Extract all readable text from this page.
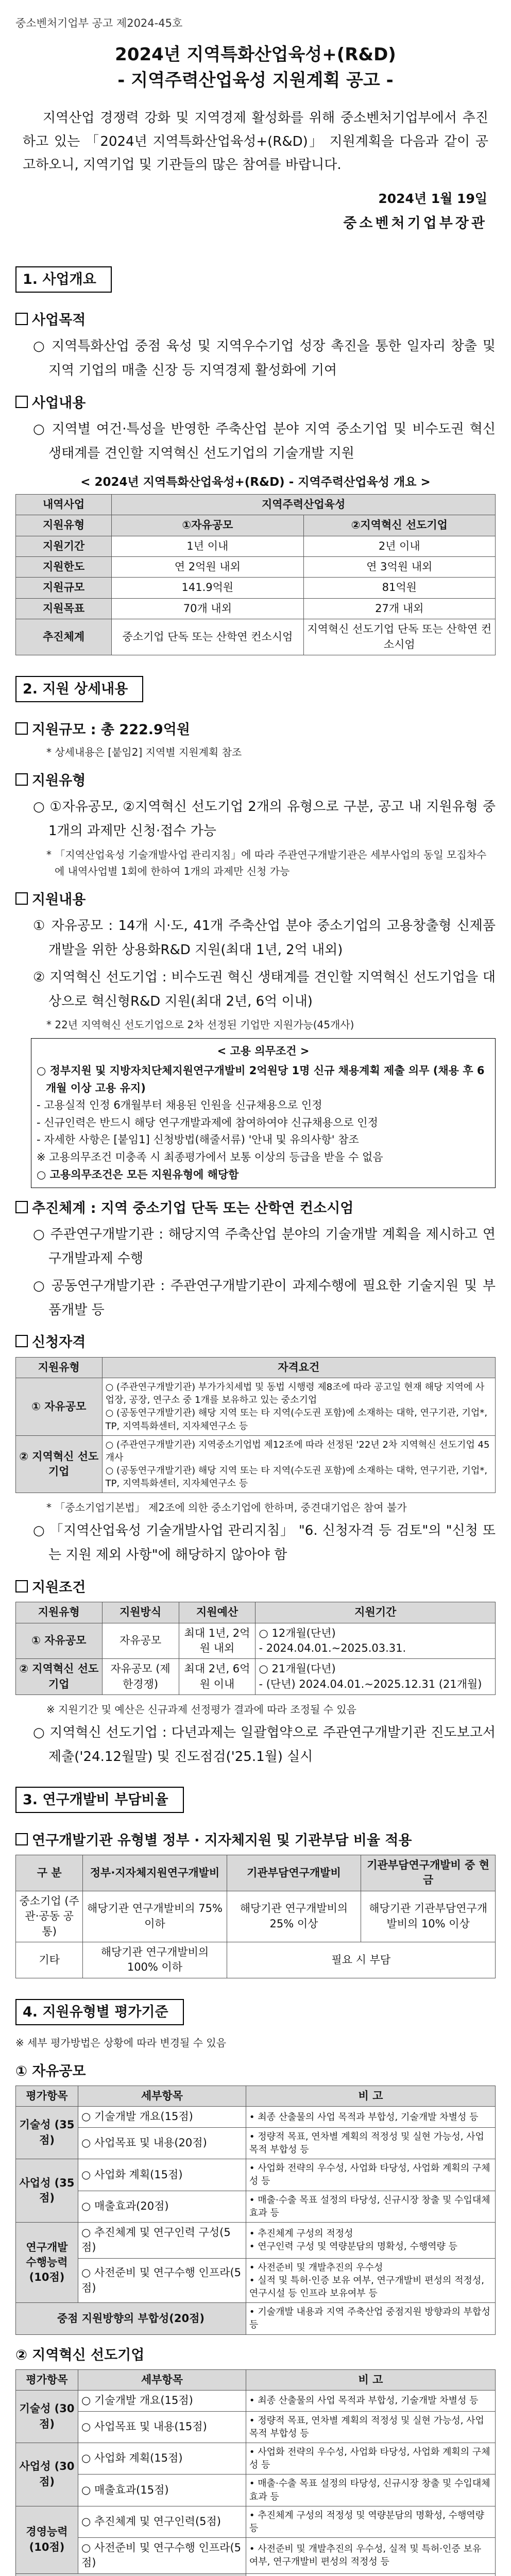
중소벤처기업부 공고 제2024-45호
2024년 지역특화산업육성+(R&D)
- 지역주력산업육성 지원계획 공고 -

지역산업 경쟁력 강화 및 지역경제 활성화를 위해 중소벤처기업부에서 추진하고 있는 「2024년 지역특화산업육성+(R&D)」 지원계획을 다음과 같이 공고하오니, 지역기업 및 기관들의 많은 참여를 바랍니다.

2024년 1월 19일
중소벤처기업부장관
1. 사업개요
사업목적
○ 지역특화산업 중점 육성 및 지역우수기업 성장 촉진을 통한 일자리 창출 및 지역 기업의 매출 신장 등 지역경제 활성화에 기여
사업내용
○ 지역별 여건·특성을 반영한 주축산업 분야 지역 중소기업 및 비수도권 혁신 생태계를 견인할 지역혁신 선도기업의 기술개발 지원
< 2024년 지역특화산업육성+(R&D) - 지역주력산업육성 개요 >
내역사업	지역주력산업육성	
지원유형	①자유공모	②지역혁신 선도기업
지원기간	1년 이내	2년 이내
지원한도	연 2억원 내외	연 3억원 내외
지원규모	141.9억원	81억원
지원목표	70개 내외	27개 내외
추진체계	중소기업 단독 또는 산학연 컨소시엄	지역혁신 선도기업 단독 또는 산학연 컨소시엄
2. 지원 상세내용
지원규모 : 총 222.9억원
* 상세내용은 [붙임2] 지역별 지원계획 참조
지원유형
○ ①자유공모, ②지역혁신 선도기업 2개의 유형으로 구분, 공고 내 지원유형 중 1개의 과제만 신청·접수 가능
* 「지역산업육성 기술개발사업 관리지침」에 따라 주관연구개발기관은 세부사업의 동일 모집차수에 내역사업별 1회에 한하여 1개의 과제만 신청 가능
지원내용
① 자유공모 : 14개 시·도, 41개 주축산업 분야 중소기업의 고용창출형 신제품 개발을 위한 상용화R&D 지원(최대 1년, 2억 내외)
② 지역혁신 선도기업 : 비수도권 혁신 생태계를 견인할 지역혁신 선도기업을 대상으로 혁신형R&D 지원(최대 2년, 6억 이내)
* 22년 지역혁신 선도기업으로 2차 선정된 기업만 지원가능(45개사)
< 고용 의무조건 >
○ 정부지원 및 지방자치단체지원연구개발비 2억원당 1명 신규 채용계획 제출 의무 (채용 후 6개월 이상 고용 유지)
- 고용실적 인정 6개월부터 채용된 인원을 신규채용으로 인정
- 신규인력은 반드시 해당 연구개발과제에 참여하여야 신규채용으로 인정
- 자세한 사항은 [붙임1] 신청방법(해줄서류) '안내 및 유의사항' 참조
※ 고용의무조건 미충족 시 최종평가에서 보통 이상의 등급을 받을 수 없음
○ 고용의무조건은 모든 지원유형에 해당함
추진체계 : 지역 중소기업 단독 또는 산학연 컨소시엄
○ 주관연구개발기관 : 해당지역 주축산업 분야의 기술개발 계획을 제시하고 연구개발과제 수행
○ 공동연구개발기관 : 주관연구개발기관이 과제수행에 필요한 기술지원 및 부품개발 등
신청자격
지원유형	자격요건
① 자유공모	○ (주관연구개발기관) 부가가치세법 및 동법 시행령 제8조에 따라 공고일 현재 해당 지역에 사업장, 공장, 연구소 중 1개를 보유하고 있는 중소기업
○ (공동연구개발기관) 해당 지역 또는 타 지역(수도권 포함)에 소재하는 대학, 연구기관, 기업*, TP, 지역특화센터, 지자체연구소 등
② 지역혁신 선도기업	○ (주관연구개발기관) 지역중소기업법 제12조에 따라 선정된 '22년 2차 지역혁신 선도기업 45개사
○ (공동연구개발기관) 해당 지역 또는 타 지역(수도권 포함)에 소재하는 대학, 연구기관, 기업*, TP, 지역특화센터, 지자체연구소 등
* 「중소기업기본법」 제2조에 의한 중소기업에 한하며, 중견대기업은 참여 불가
○ 「지역산업육성 기술개발사업 관리지침」 "6. 신청자격 등 검토"의 "신청 또는 지원 제외 사항"에 해당하지 않아야 함
지원조건
지원유형	지원방식	지원예산	지원기간
① 자유공모	자유공모	최대 1년, 2억원 내외	○ 12개월(단년)
- 2024.04.01.~2025.03.31.
② 지역혁신 선도기업	자유공모 (제한경쟁)	최대 2년, 6억원 이내	○ 21개월(다년)
- (단년) 2024.04.01.~2025.12.31 (21개월)
※ 지원기간 및 예산은 신규과제 선정평가 결과에 따라 조정될 수 있음
○ 지역혁신 선도기업 : 다년과제는 일괄협약으로 주관연구개발기관 진도보고서 제출('24.12월말) 및 진도점검('25.1월) 실시
3. 연구개발비 부담비율
연구개발기관 유형별 정부 · 지자체지원 및 기관부담 비율 적용
구 분	정부·지자체지원연구개발비	기관부담연구개발비	기관부담연구개발비 중 현금
중소기업 (주관·공동 공통)	해당기관 연구개발비의 75% 이하	해당기관 연구개발비의 25% 이상	해당기관 기관부담연구개발비의 10% 이상
기타	해당기관 연구개발비의 100% 이하	필요 시 부담	
4. 지원유형별 평가기준
※ 세부 평가방법은 상황에 따라 변경될 수 있음
① 자유공모
평가항목	세부항목	비 고
기술성 (35점)	○ 기술개발 개요(15점)	• 최종 산출물의 사업 목적과 부합성, 기술개발 차별성 등
	○ 사업목표 및 내용(20점)	• 정량적 목표, 연차별 계획의 적정성 및 실현 가능성, 사업목적 부합성 등
사업성 (35점)	○ 사업화 계획(15점)	• 사업화 전략의 우수성, 사업화 타당성, 사업화 계획의 구체성 등
	○ 매출효과(20점)	• 매출·수출 목표 설정의 타당성, 신규시장 창출 및 수입대체 효과 등
연구개발 수행능력 (10점)	○ 추진체계 및 연구인력 구성(5점)	• 추진체계 구성의 적정성
• 연구인력 구성 및 역량분담의 명확성, 수행역량 등
	○ 사전준비 및 연구수행 인프라(5점)	• 사전준비 및 개발추진의 우수성
• 실적 및 특허·인증 보유 여부, 연구개발비 편성의 적정성, 연구시설 등 인프라 보유여부 등
중점 지원방향의 부합성(20점)		• 기술개발 내용과 지역 주축산업 중점지원 방향과의 부합성 등
② 지역혁신 선도기업
평가항목	세부항목	비 고
기술성 (30점)	○ 기술개발 개요(15점)	• 최종 산출물의 사업 목적과 부합성, 기술개발 차별성 등
	○ 사업목표 및 내용(15점)	• 정량적 목표, 연차별 계획의 적정성 및 실현 가능성, 사업목적 부합성 등
사업성 (30점)	○ 사업화 계획(15점)	• 사업화 전략의 우수성, 사업화 타당성, 사업화 계획의 구체성 등
	○ 매출효과(15점)	• 매출·수출 목표 설정의 타당성, 신규시장 창출 및 수입대체 효과 등
경영능력 (10점)	○ 추진체계 및 연구인력(5점)	• 추진체계 구성의 적정성 및 역량분담의 명확성, 수행역량 등
	○ 사전준비 및 연구수행 인프라(5점)	• 사전준비 및 개발추진의 우수성, 실적 및 특허·인증 보유 여부, 연구개발비 편성의 적정성 등
